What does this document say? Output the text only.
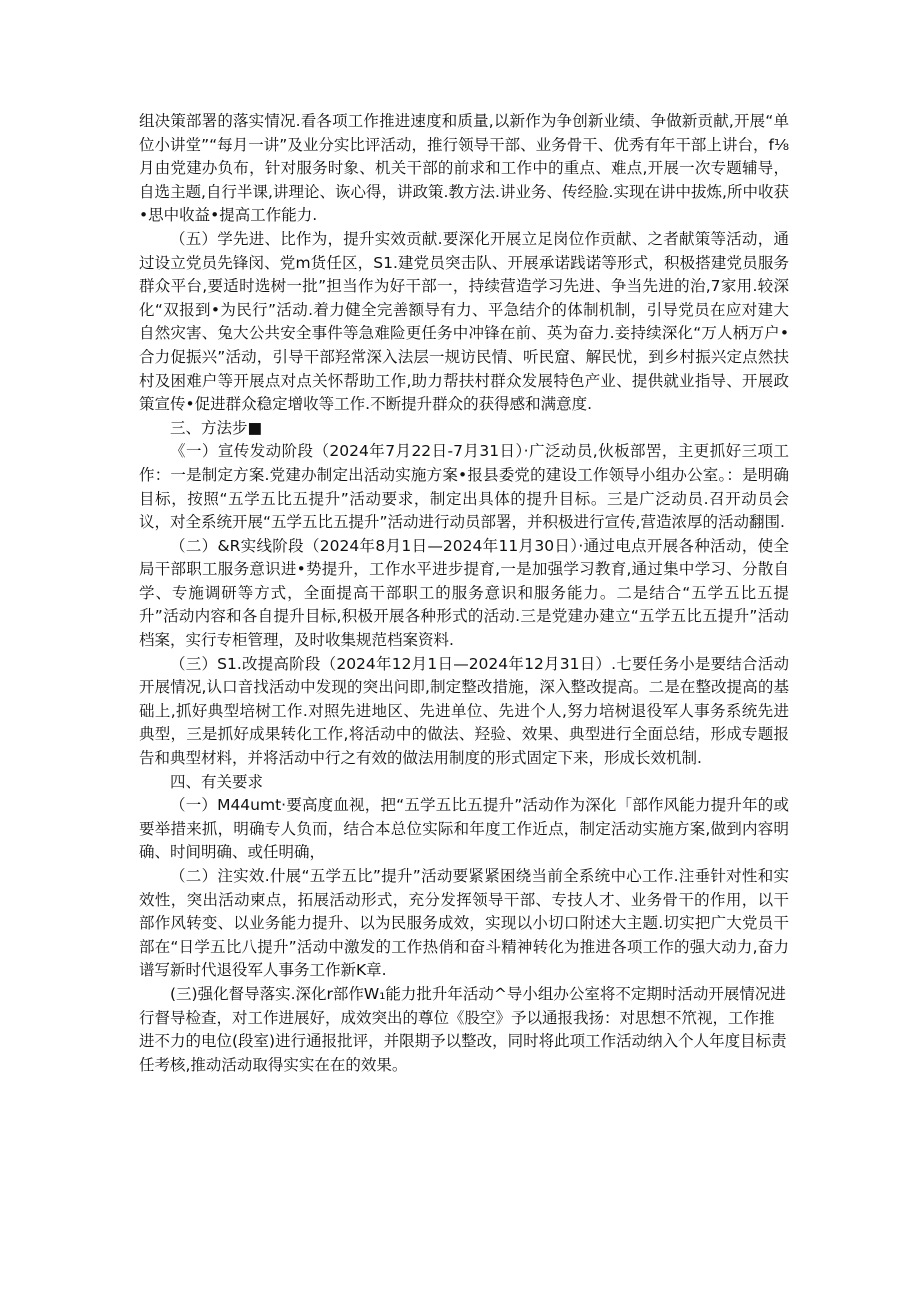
组决策部署的落实情况.看各项工作推进速度和质量,以新作为争创新业绩、争做新贡献,开展“单位小讲堂”“每月一讲”及业分实比评活动，推行领导干部、业务骨干、优秀有年干部上讲台，f⅛月由党建办负布，针对服务时象、机关干部的前求和工作中的重点、难点,开展一次专题辅导，自选主题,自行半课,讲理论、诙心得，讲政策.教方法.讲业务、传经脸.实现在讲中拔炼,所中收获•思中收益•提高工作能力.

（五）学先进、比作为，提升实效贡献.要深化开展立足岗位作贡献、之者献策等活动，通过设立党员先锋闵、党m货任区，S1.建党员突击队、开展承诺践诺等形式，积极搭建党员服务群众平台,要适时选树一批”担当作为好干部一，持续营造学习先进、争当先进的治,7家用.较深化“双报到•为民行”活动.着力健全完善额导有力、平急结介的体制机制，引导党员在应对建大自然灾害、兔大公共安全事件等急难险更任务中冲锋在前、英为奋力.妾持续深化“万人柄万户•合力促振兴”活动，引导干部羟常深入法层一规访民情、听民窟、解民忧，到乡村振兴定点然扶村及困难户等开展点对点关怀帮助工作,助力帮扶村群众发展特色产业、提供就业指导、开展政策宣传•促进群众稳定增收等工作.不断提升群众的获得感和满意度.

三、方法步■

《一）宣传发动阶段（2024年7月22日-7月31日）·广泛动员,伙板部罟，主更抓好三项工作：一是制定方案.党建办制定出活动实施方案•报县委党的建设工作领导小组办公室。：是明确目标，按照“五学五比五提升”活动要求，制定出具体的提升目标。三是广泛动员.召开动员会议，对全系统开展“五学五比五提升”活动进行动员部署，并积极进行宣传,营造浓厚的活动翻围.

（二）&R实线阶段（2024年8月1日—2024年11月30日）·通过电点开展各种活动，使全局干部职工服务意识进•势提升，工作水平进步提育,一是加强学习教育,通过集中学习、分散自学、专施调研等方式，全面提高干部职工的服务意识和服务能力。二是结合“五学五比五提升”活动内容和各自提升目标,积极开展各种形式的活动.三是党建办建立“五学五比五提升”活动档案，实行专柜管理，及时收集规范档案资料.

（三）S1.改提高阶段（2024年12月1日—2024年12月31日）.七要任务小是要结合活动开展情况,认口音找活动中发现的突出问即,制定整改措施，深入整改提高。二是在整改提高的基础上,抓好典型培树工作.对照先进地区、先进单位、先进个人,努力培树退役军人事务系统先进典型，三是抓好成果转化工作,将活动中的做法、羟验、效果、典型进行全面总结，形成专题报告和典型材料，并将活动中行之有效的做法用制度的形式固定下来，形成长效机制.

四、有关要求

（一）M44umt·要高度血视，把“五学五比五提升”活动作为深化「部作风能力提升年的或要举措来抓，明确专人负而，结合本总位实际和年度工作近点，制定活动实施方案,做到内容明确、时间明确、或任明确，

（二）注实效.什展“五学五比”提升”活动要紧紧困绕当前全系统中心工作.注垂针对性和实效性，突出活动柬点，拓展活动形式，充分发挥领导干部、专技人才、业务骨干的作用，以干部作风转变、以业务能力提升、以为民服务成效，实现以小切口附述大主题.切实把广大党员干部在“日学五比八提升”活动中激发的工作热俏和奋斗精神转化为推进各项工作的强大动力,奋力谱写新时代退役军人事务工作新K章.

(三)强化督导落实.深化r部作W₁能力批升年活动^导小组办公室将不定期时活动开展情况进行督导检查，对工作进展好，成效突出的尊位《股空》予以通报我扬：对思想不笊视，工作推进不力的电位(段室)进行通报批评，并限期予以整改，同时将此项工作活动纳入个人年度目标责任考核,推动活动取得实实在在的效果。
